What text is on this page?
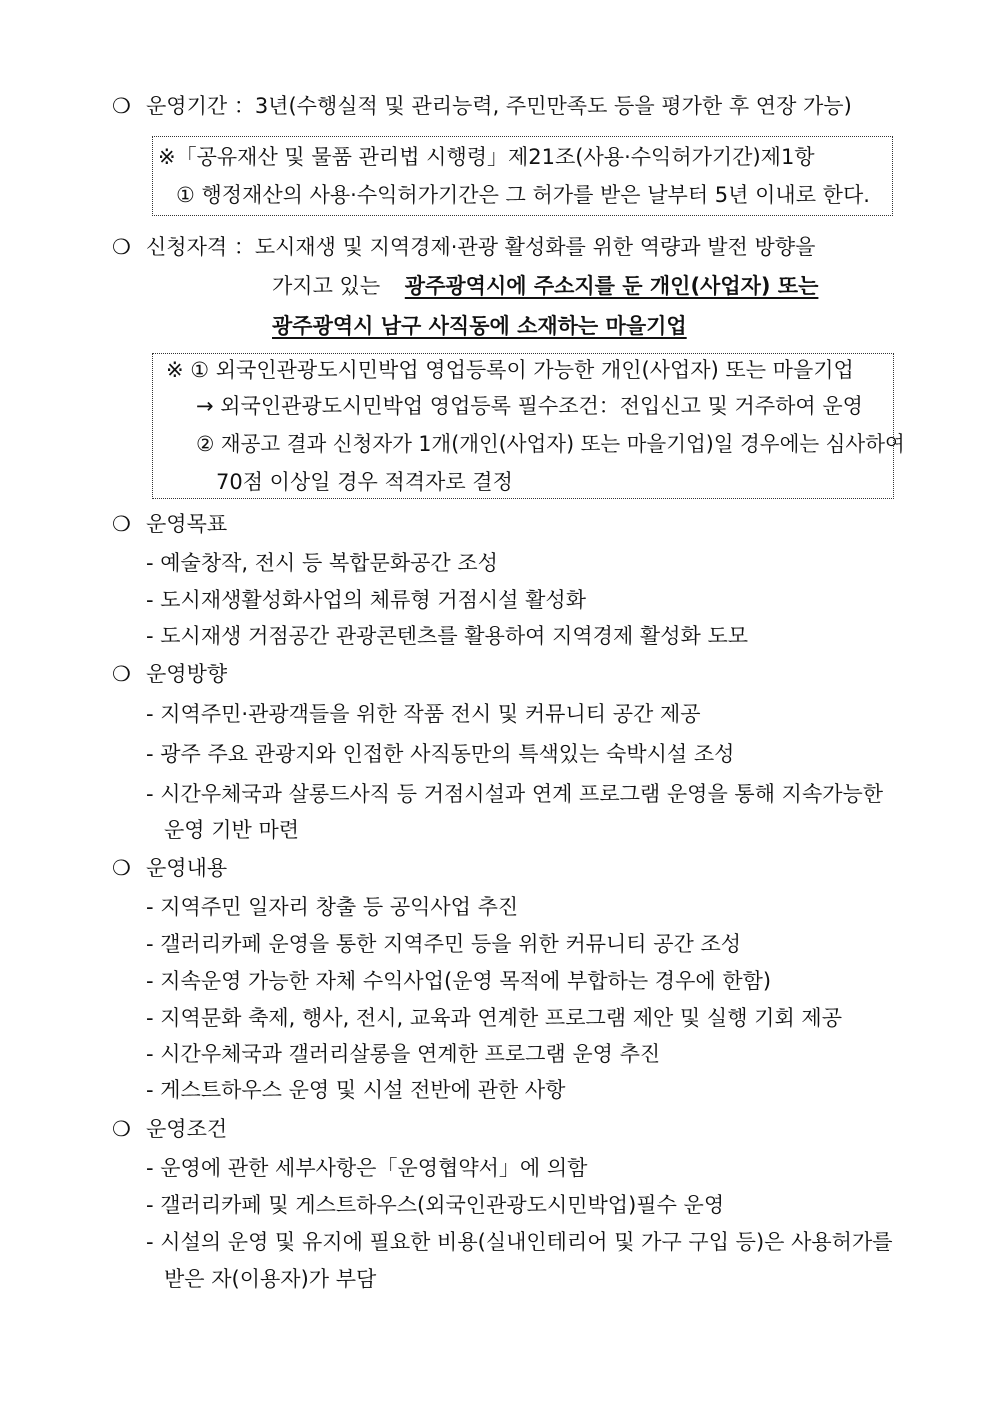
❍ 운영기간 ：3년(수행실적 및 관리능력, 주민만족도 등을 평가한 후 연장 가능)
※「공유재산 및 물품 관리법 시행령」제21조(사용·수익허가기간)제1항
① 행정재산의 사용·수익허가기간은 그 허가를 받은 날부터 5년 이내로 한다.
❍ 신청자격 ：도시재생 및 지역경제·관광 활성화를 위한 역량과 발전 방향을
가지고 있는 광주광역시에 주소지를 둔 개인(사업자) 또는
광주광역시 남구 사직동에 소재하는 마을기업
※ ① 외국인관광도시민박업 영업등록이 가능한 개인(사업자) 또는 마을기업
→ 외국인관광도시민박업 영업등록 필수조건：전입신고 및 거주하여 운영
② 재공고 결과 신청자가 1개(개인(사업자) 또는 마을기업)일 경우에는 심사하여
70점 이상일 경우 적격자로 결정
❍ 운영목표
- 예술창작, 전시 등 복합문화공간 조성
- 도시재생활성화사업의 체류형 거점시설 활성화
- 도시재생 거점공간 관광콘텐츠를 활용하여 지역경제 활성화 도모
❍ 운영방향
- 지역주민·관광객들을 위한 작품 전시 및 커뮤니티 공간 제공
- 광주 주요 관광지와 인접한 사직동만의 특색있는 숙박시설 조성
- 시간우체국과 살롱드사직 등 거점시설과 연계 프로그램 운영을 통해 지속가능한
운영 기반 마련
❍ 운영내용
- 지역주민 일자리 창출 등 공익사업 추진
- 갤러리카페 운영을 통한 지역주민 등을 위한 커뮤니티 공간 조성
- 지속운영 가능한 자체 수익사업(운영 목적에 부합하는 경우에 한함)
- 지역문화 축제, 행사, 전시, 교육과 연계한 프로그램 제안 및 실행 기회 제공
- 시간우체국과 갤러리살롱을 연계한 프로그램 운영 추진
- 게스트하우스 운영 및 시설 전반에 관한 사항
❍ 운영조건
- 운영에 관한 세부사항은「운영협약서」에 의함
- 갤러리카페 및 게스트하우스(외국인관광도시민박업)필수 운영
- 시설의 운영 및 유지에 필요한 비용(실내인테리어 및 가구 구입 등)은 사용허가를
받은 자(이용자)가 부담
